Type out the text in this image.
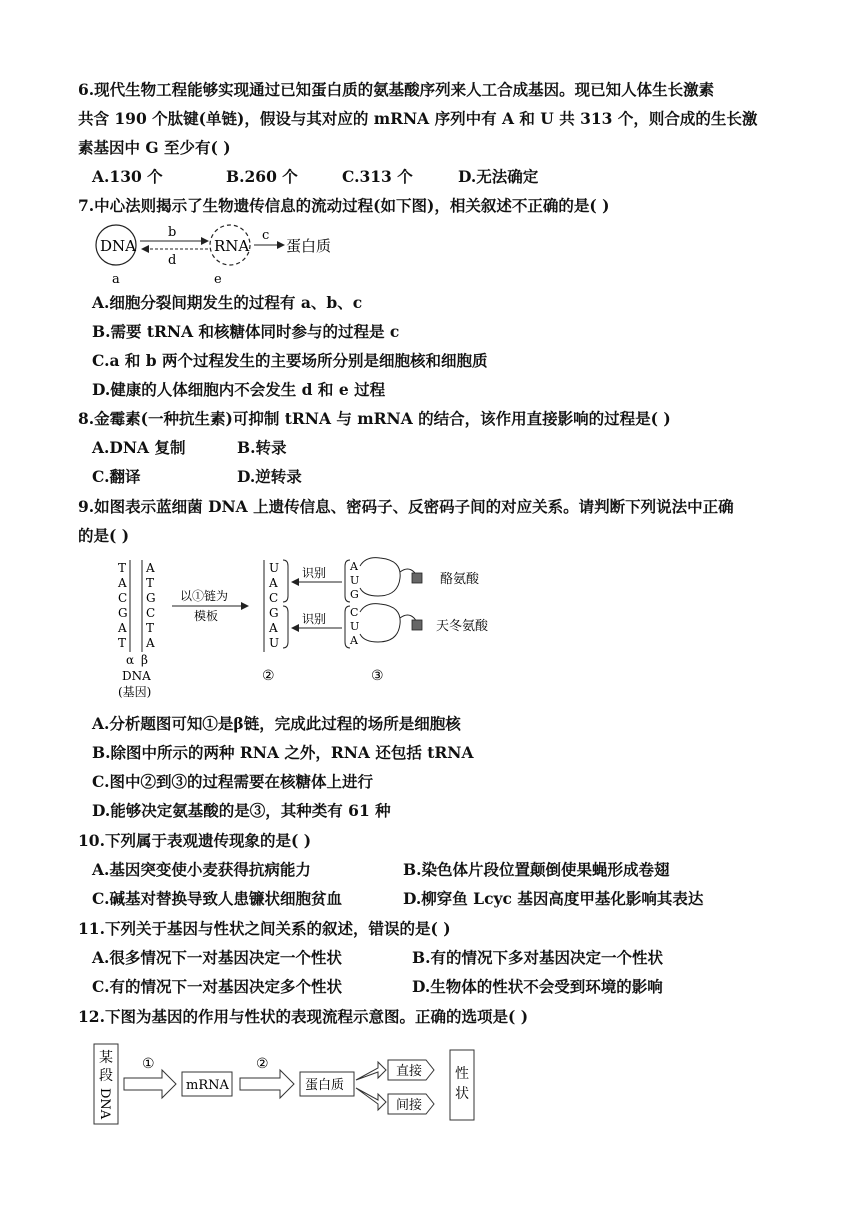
6.现代生物工程能够实现通过已知蛋白质的氨基酸序列来人工合成基因。现已知人体生长激素
共含 190 个肽键(单链)，假设与其对应的 mRNA 序列中有 A 和 U 共 313 个，则合成的生长激
素基因中 G 至少有( )
A.130 个	B.260 个	C.313 个	D.无法确定
7.中心法则揭示了生物遗传信息的流动过程(如下图)，相关叙述不正确的是( )
DNA	RNA
b
d
c
蛋白质
a	e
A.细胞分裂间期发生的过程有 a、b、c
B.需要 tRNA 和核糖体同时参与的过程是 c
C.a 和 b 两个过程发生的主要场所分别是细胞核和细胞质
D.健康的人体细胞内不会发生 d 和 e 过程
8.金霉素(一种抗生素)可抑制 tRNA 与 mRNA 的结合，该作用直接影响的过程是( )
A.DNA 复制	B.转录
C.翻译	D.逆转录
9.如图表示蓝细菌 DNA 上遗传信息、密码子、反密码子间的对应关系。请判断下列说法中正确
的是( )
T
A
C
G
A
T
A
T
G
C
T
A
α β
DNA
(基因)
以①链为
模板
U
A
C
G
A
U
②
识别
识别
A
U
G
酪氨酸
C
U
A
天冬氨酸
③
A.分析题图可知①是β链，完成此过程的场所是细胞核
B.除图中所示的两种 RNA 之外，RNA 还包括 tRNA
C.图中②到③的过程需要在核糖体上进行
D.能够决定氨基酸的是③，其种类有 61 种
10.下列属于表观遗传现象的是( )
A.基因突变使小麦获得抗病能力	B.染色体片段位置颠倒使果蝇形成卷翅
C.碱基对替换导致人患镰状细胞贫血	D.柳穿鱼 Lcyc 基因高度甲基化影响其表达
11.下列关于基因与性状之间关系的叙述，错误的是( )
A.很多情况下一对基因决定一个性状	B.有的情况下多对基因决定一个性状
C.有的情况下一对基因决定多个性状	D.生物体的性状不会受到环境的影响
12.下图为基因的作用与性状的表现流程示意图。正确的选项是( )
某
段
DNA
①
mRNA
②
蛋白质
直接
间接
性
状
